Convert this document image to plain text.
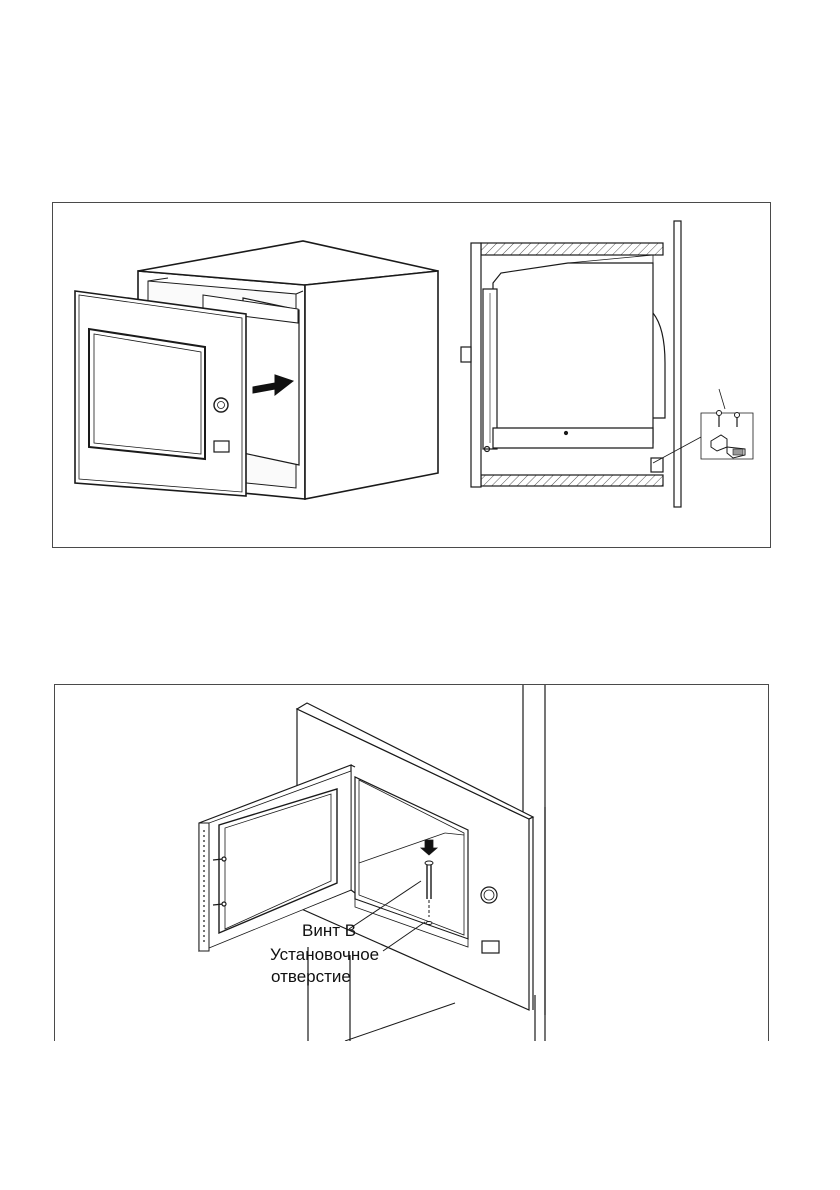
Винт B
Установочное
отверстие
